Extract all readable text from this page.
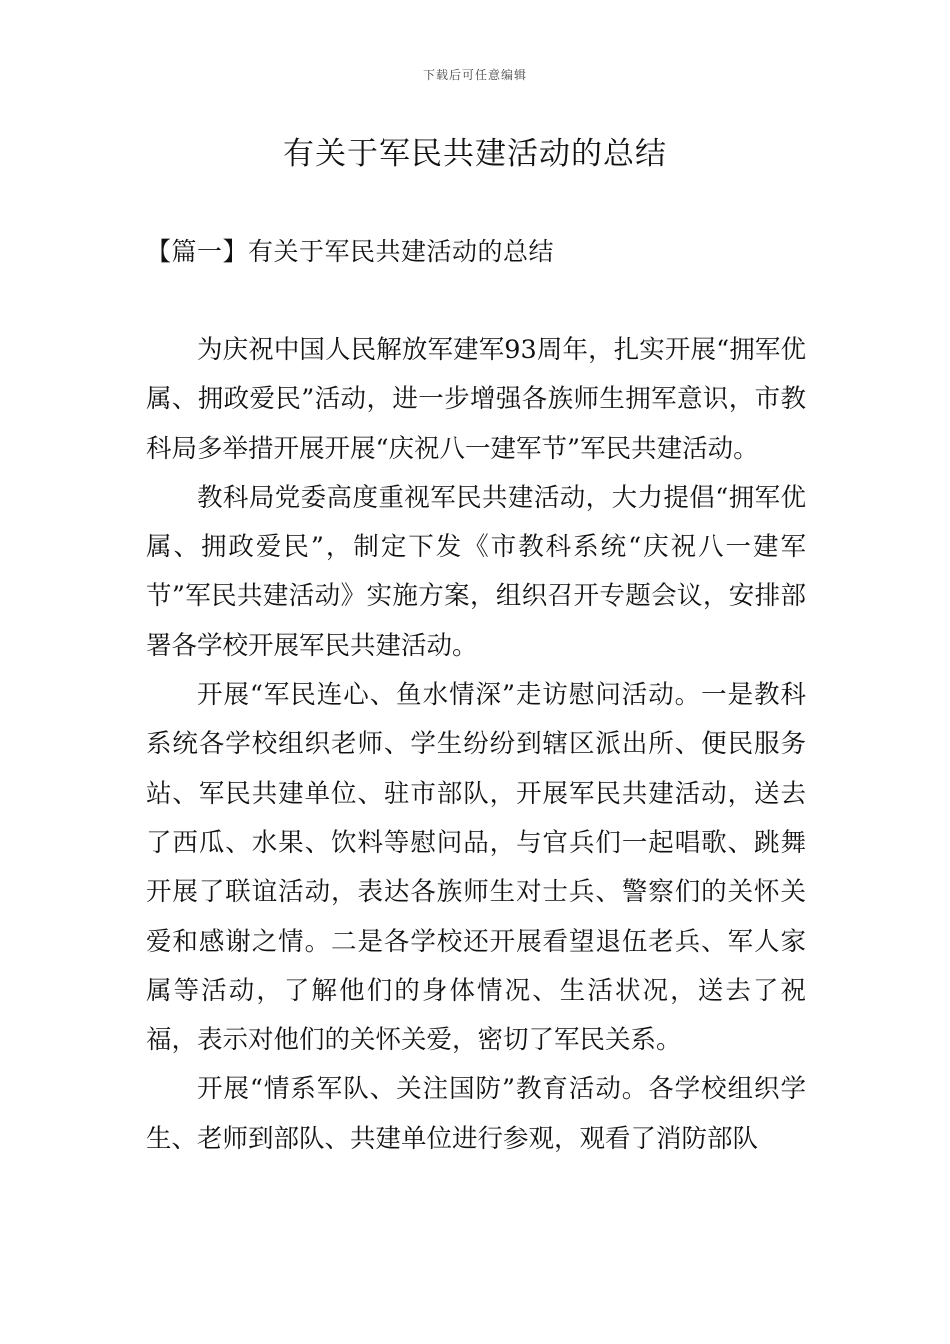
下载后可任意编辑
有关于军民共建活动的总结
【篇一】有关于军民共建活动的总结

为庆祝中国人民解放军建军93周年，扎实开展“拥军优属、拥政爱民”活动，进一步增强各族师生拥军意识，市教科局多举措开展开展“庆祝八一建军节”军民共建活动。

教科局党委高度重视军民共建活动，大力提倡“拥军优属、拥政爱民”，制定下发《市教科系统“庆祝八一建军节”军民共建活动》实施方案，组织召开专题会议，安排部署各学校开展军民共建活动。

开展“军民连心、鱼水情深”走访慰问活动。一是教科系统各学校组织老师、学生纷纷到辖区派出所、便民服务站、军民共建单位、驻市部队，开展军民共建活动，送去了西瓜、水果、饮料等慰问品，与官兵们一起唱歌、跳舞开展了联谊活动，表达各族师生对士兵、警察们的关怀关爱和感谢之情。二是各学校还开展看望退伍老兵、军人家属等活动，了解他们的身体情况、生活状况，送去了祝福，表示对他们的关怀关爱，密切了军民关系。

开展“情系军队、关注国防”教育活动。各学校组织学生、老师到部队、共建单位进行参观，观看了消防部队
